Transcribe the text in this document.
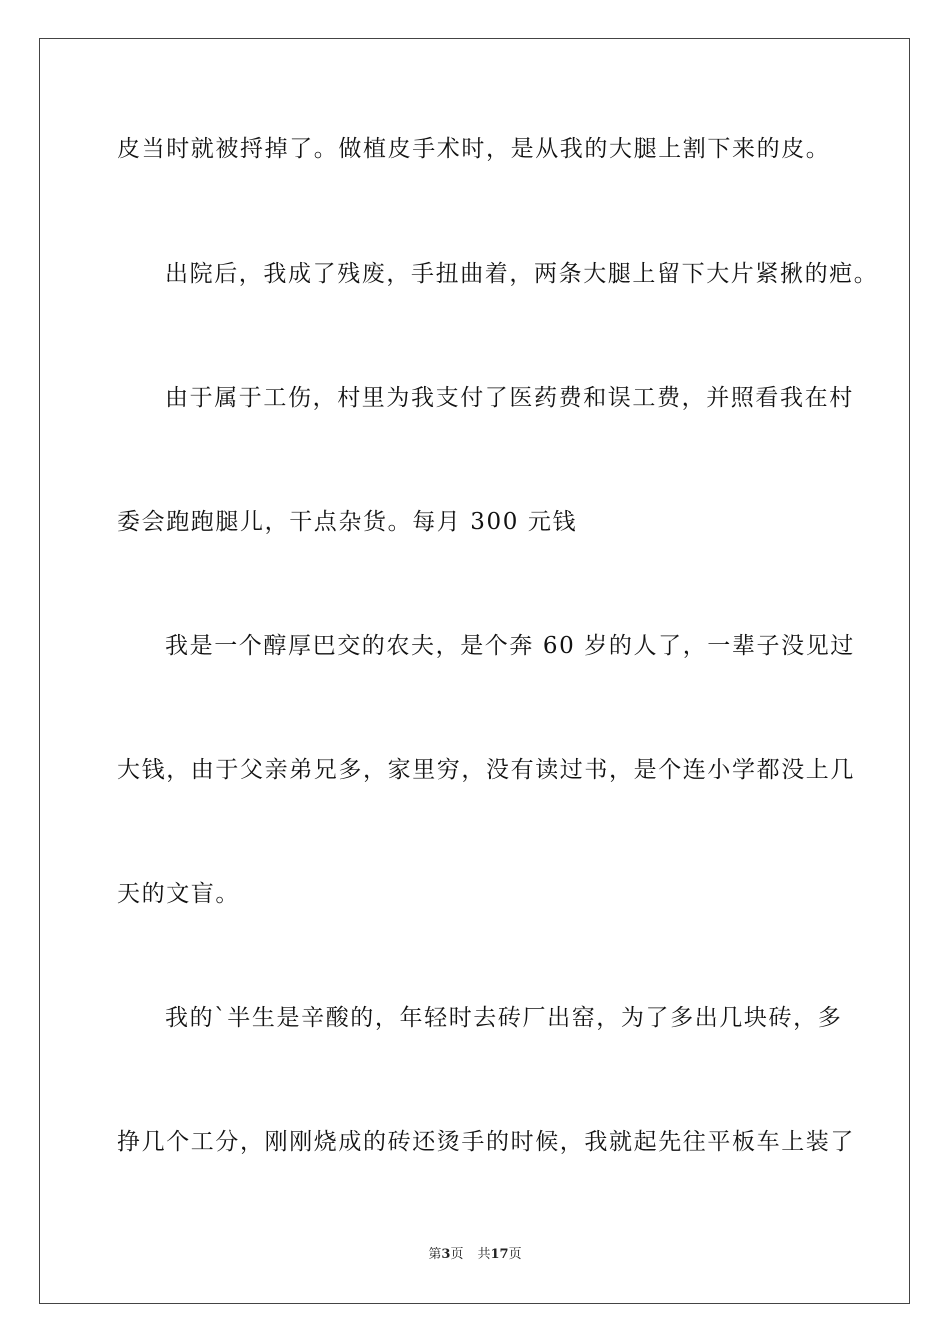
皮当时就被捋掉了。做植皮手术时，是从我的大腿上割下来的皮。
出院后，我成了残废，手扭曲着，两条大腿上留下大片紧揪的疤。
由于属于工伤，村里为我支付了医药费和误工费，并照看我在村
委会跑跑腿儿，干点杂货。每月 300 元钱
我是一个醇厚巴交的农夫，是个奔 60 岁的人了，一辈子没见过
大钱，由于父亲弟兄多，家里穷，没有读过书，是个连小学都没上几
天的文盲。
我的`半生是辛酸的，年轻时去砖厂出窑，为了多出几块砖，多
挣几个工分，刚刚烧成的砖还烫手的时候，我就起先往平板车上装了
第3页 共17页
